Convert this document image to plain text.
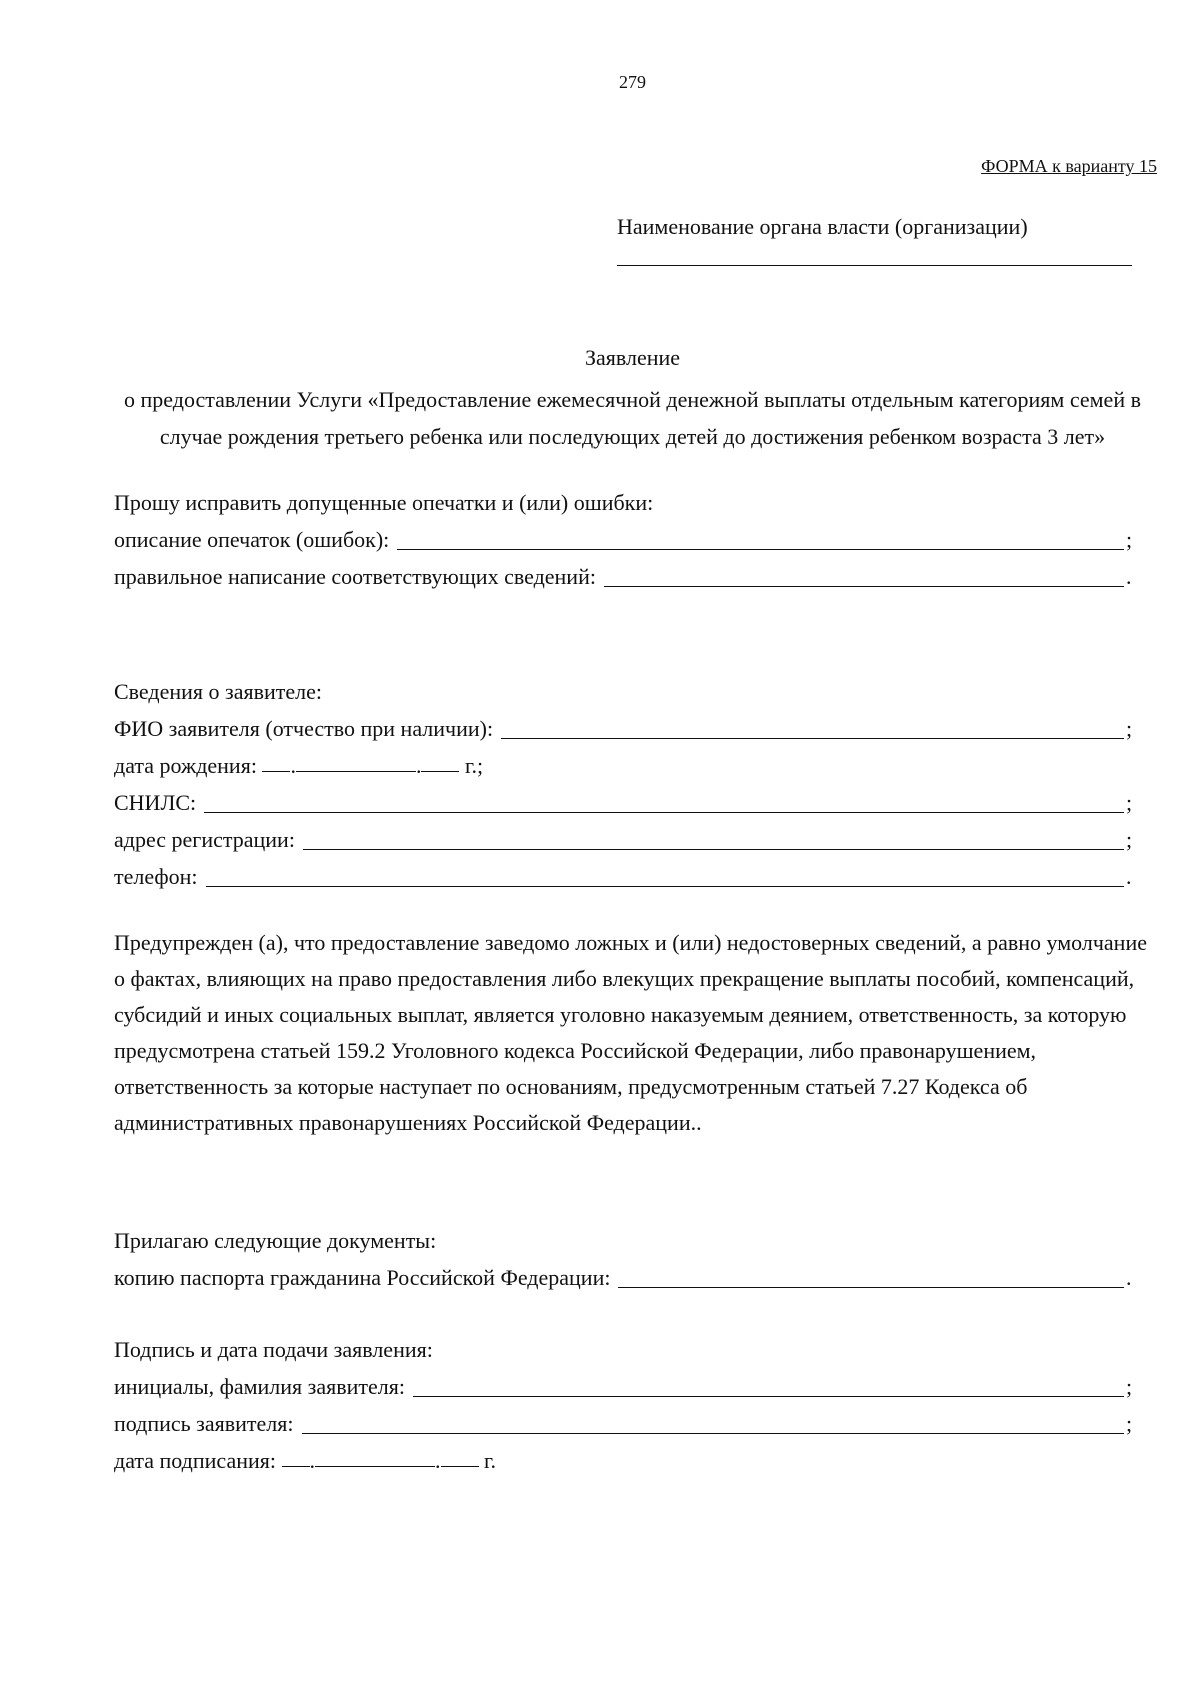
279
ФОРМА к варианту 15
Наименование органа власти (организации)
Заявление
о предоставлении Услуги «Предоставление ежемесячной денежной выплаты отдельным категориям семей в случае рождения третьего ребенка или последующих детей до достижения ребенком возраста 3 лет»
Прошу исправить допущенные опечатки и (или) ошибки:
описание опечаток (ошибок):	;
правильное написание соответствующих сведений:	.
Сведения о заявителе:
ФИО заявителя (отчество при наличии):	;
дата рождения:
.	.
г.;
СНИЛС:	;
адрес регистрации:	;
телефон:	.
Предупрежден (а), что предоставление заведомо ложных и (или) недостоверных сведений, а равно умолчание о фактах, влияющих на право предоставления либо влекущих прекращение выплаты пособий, компенсаций, субсидий и иных социальных выплат, является уголовно наказуемым деянием, ответственность, за которую предусмотрена статьей 159.2 Уголовного кодекса Российской Федерации, либо правонарушением, ответственность за которые наступает по основаниям, предусмотренным статьей 7.27 Кодекса об административных правонарушениях Российской Федерации..
Прилагаю следующие документы:
копию паспорта гражданина Российской Федерации:	.
Подпись и дата подачи заявления:
инициалы, фамилия заявителя:	;
подпись заявителя:	;
дата подписания:
.	.
г.
